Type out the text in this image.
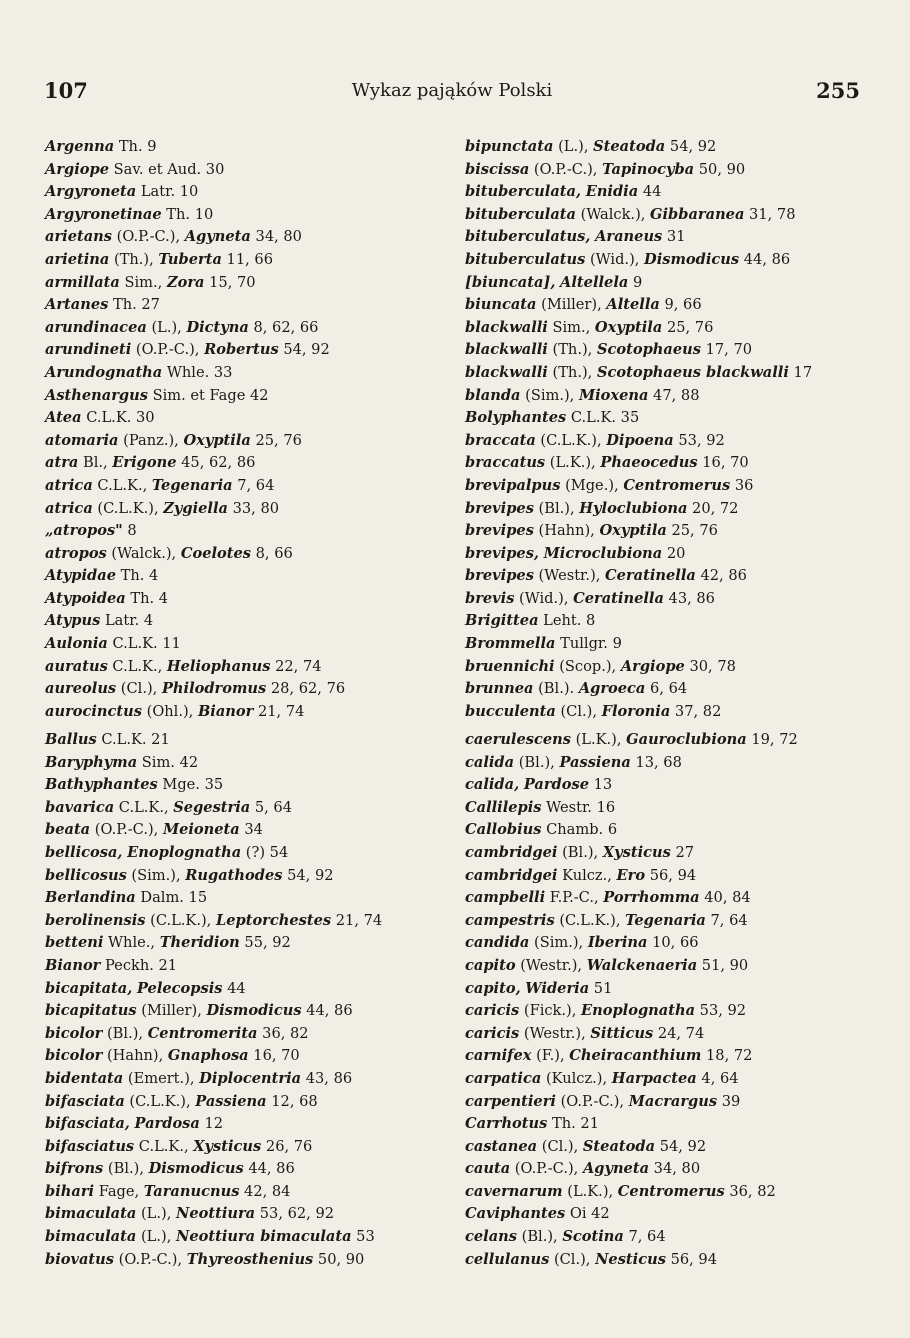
107	Wykaz pająków Polski	255
Argenna Th. 9
Argiope Sav. et Aud. 30
Argyroneta Latr. 10
Argyronetinae Th. 10
arietans (O.P.-C.), Agyneta 34, 80
arietina (Th.), Tuberta 11, 66
armillata Sim., Zora 15, 70
Artanes Th. 27
arundinacea (L.), Dictyna 8, 62, 66
arundineti (O.P.-C.), Robertus 54, 92
Arundognatha Whle. 33
Asthenargus Sim. et Fage 42
Atea C.L.K. 30
atomaria (Panz.), Oxyptila 25, 76
atra Bl., Erigone 45, 62, 86
atrica C.L.K., Tegenaria 7, 64
atrica (C.L.K.), Zygiella 33, 80
„atropos" 8
atropos (Walck.), Coelotes 8, 66
Atypidae Th. 4
Atypoidea Th. 4
Atypus Latr. 4
Aulonia C.L.K. 11
auratus C.L.K., Heliophanus 22, 74
aureolus (Cl.), Philodromus 28, 62, 76
aurocinctus (Ohl.), Bianor 21, 74
Ballus C.L.K. 21
Baryphyma Sim. 42
Bathyphantes Mge. 35
bavarica C.L.K., Segestria 5, 64
beata (O.P.-C.), Meioneta 34
bellicosa, Enoplognatha (?) 54
bellicosus (Sim.), Rugathodes 54, 92
Berlandina Dalm. 15
berolinensis (C.L.K.), Leptorchestes 21, 74
betteni Whle., Theridion 55, 92
Bianor Peckh. 21
bicapitata, Pelecopsis 44
bicapitatus (Miller), Dismodicus 44, 86
bicolor (Bl.), Centromerita 36, 82
bicolor (Hahn), Gnaphosa 16, 70
bidentata (Emert.), Diplocentria 43, 86
bifasciata (C.L.K.), Passiena 12, 68
bifasciata, Pardosa 12
bifasciatus C.L.K., Xysticus 26, 76
bifrons (Bl.), Dismodicus 44, 86
bihari Fage, Taranucnus 42, 84
bimaculata (L.), Neottiura 53, 62, 92
bimaculata (L.), Neottiura bimaculata 53
biovatus (O.P.-C.), Thyreosthenius 50, 90
bipunctata (L.), Steatoda 54, 92
biscissa (O.P.-C.), Tapinocyba 50, 90
bituberculata, Enidia 44
bituberculata (Walck.), Gibbaranea 31, 78
bituberculatus, Araneus 31
bituberculatus (Wid.), Dismodicus 44, 86
[biuncata], Altellela 9
biuncata (Miller), Altella 9, 66
blackwalli Sim., Oxyptila 25, 76
blackwalli (Th.), Scotophaeus 17, 70
blackwalli (Th.), Scotophaeus blackwalli 17
blanda (Sim.), Mioxena 47, 88
Bolyphantes C.L.K. 35
braccata (C.L.K.), Dipoena 53, 92
braccatus (L.K.), Phaeocedus 16, 70
brevipalpus (Mge.), Centromerus 36
brevipes (Bl.), Hyloclubiona 20, 72
brevipes (Hahn), Oxyptila 25, 76
brevipes, Microclubiona 20
brevipes (Westr.), Ceratinella 42, 86
brevis (Wid.), Ceratinella 43, 86
Brigittea Leht. 8
Brommella Tullgr. 9
bruennichi (Scop.), Argiope 30, 78
brunnea (Bl.). Agroeca 6, 64
bucculenta (Cl.), Floronia 37, 82
caerulescens (L.K.), Gauroclubiona 19, 72
calida (Bl.), Passiena 13, 68
calida, Pardose 13
Callilepis Westr. 16
Callobius Chamb. 6
cambridgei (Bl.), Xysticus 27
cambridgei Kulcz., Ero 56, 94
campbelli F.P.-C., Porrhomma 40, 84
campestris (C.L.K.), Tegenaria 7, 64
candida (Sim.), Iberina 10, 66
capito (Westr.), Walckenaeria 51, 90
capito, Wideria 51
caricis (Fick.), Enoplognatha 53, 92
caricis (Westr.), Sitticus 24, 74
carnifex (F.), Cheiracanthium 18, 72
carpatica (Kulcz.), Harpactea 4, 64
carpentieri (O.P.-C.), Macrargus 39
Carrhotus Th. 21
castanea (Cl.), Steatoda 54, 92
cauta (O.P.-C.), Agyneta 34, 80
cavernarum (L.K.), Centromerus 36, 82
Caviphantes Oi 42
celans (Bl.), Scotina 7, 64
cellulanus (Cl.), Nesticus 56, 94
